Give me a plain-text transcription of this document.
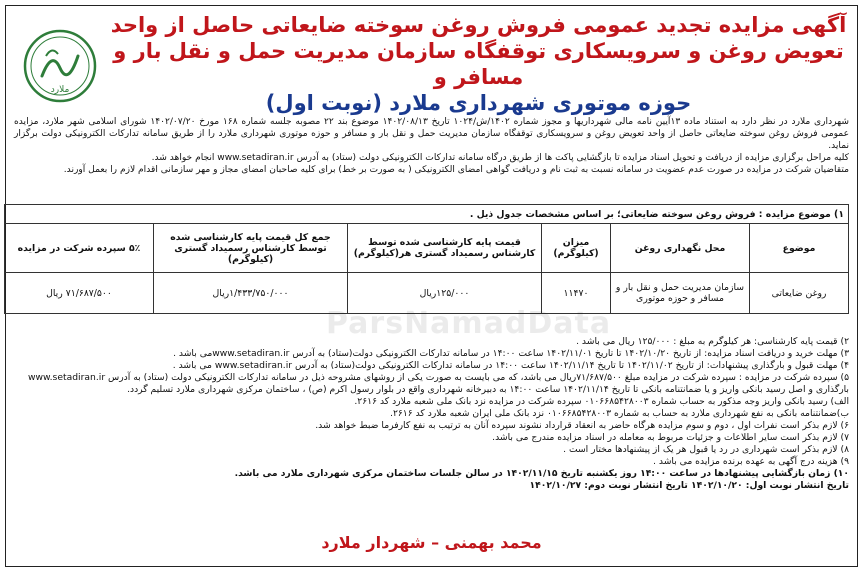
ملارد
آگهی مزایده تجدید عمومی فروش روغن سوخته ضایعاتی حاصل از واحد
تعویض روغن و سرویسکاری توقفگاه سازمان مدیریت حمل و نقل بار و مسافر و
حوزه موتوری شهرداری ملارد (نوبت اول)

شهرداری ملارد در نظر دارد به استناد ماده ۱۳آیین نامه مالی شهرداریها و مجوز شماره ۱۴۰۲/ش/۱۰۲۴ تاریخ ۱۴۰۲/۰۸/۱۳ موضوع بند ۲۲ مصوبه جلسه شماره ۱۶۸ مورخ ۱۴۰۲/۰۷/۲۰ شورای اسلامی شهر ملارد، مزایده عمومی فروش روغن سوخته ضایعاتی حاصل از واحد تعویض روغن و سرویسکاری توقفگاه سازمان مدیریت حمل و نقل بار و مسافر و حوزه موتوری شهرداری ملارد را از طریق سامانه تدارکات الکترونیکی دولت برگزار نماید.

کلیه مراحل برگزاری مزایده از دریافت و تحویل اسناد مزایده تا بازگشایی پاکت ها از طریق درگاه سامانه تدارکات الکترونیکی دولت (ستاد) به آدرس www.setadiran.ir انجام خواهد شد.

متقاضیان شرکت در مزایده در صورت عدم عضویت در سامانه نسبت به ثبت نام و دریافت گواهی امضای الکترونیکی ( به صورت بر خط) برای کلیه صاحبان امضای مجاز و مهر سازمانی اقدام لازم را بعمل آورند.

۱) موضوع مزایده : فروش روغن سوخته ضایعاتی؛ بر اساس مشخصات جدول ذیل .					
موضوع	محل نگهداری روغن	میزان (کیلوگرم)	قیمت پایه کارشناسی شده توسط کارشناس رسمیداد گستری هر(کیلوگرم)	جمع کل قیمت پایه کارشناسی شده توسط کارشناس رسمیداد گستری (کیلوگرم)	۵٪ سپرده شرکت در مزایده
روغن ضایعاتی	سازمان مدیریت حمل و نقل بار و مسافر و حوزه موتوری	۱۱۴۷۰	۱۲۵/۰۰۰ریال	۱/۴۳۳/۷۵۰/۰۰۰ریال	۷۱/۶۸۷/۵۰۰ ریال
ParsNamadData

۲) قیمت پایه کارشناسی: هر کیلوگرم به مبلغ : ۱۲۵/۰۰۰ ریال می باشد .

۳) مهلت خرید و دریافت اسناد مزایده: از تاریخ ۱۴۰۲/۱۰/۲۰ تا تاریخ ۱۴۰۲/۱۱/۰۱ ساعت ۱۴:۰۰ در سامانه تدارکات الکترونیکی دولت(ستاد) به آدرس www.setadiran.irمی باشد .

۴) مهلت قبول و بارگذاری پیشنهادات: از تاریخ ۱۴۰۲/۱۱/۰۲ تا تاریخ ۱۴۰۲/۱۱/۱۴ ساعت ۱۴:۰۰ در سامانه تدارکات الکترونیکی دولت(ستاد) به آدرس www.setadiran.ir می باشد .

۵) سپرده شرکت در مزایده : سپرده شرکت در مزایده مبلغ ۷۱/۶۸۷/۵۰۰ریال می باشد، که می بایست به صورت یکی از روشهای مشروحه ذیل در سامانه تدارکات الکترونیکی دولت (ستاد) به آدرس www.setadiran.ir بارگذاری و اصل رسید بانکی واریز و یا ضمانتنامه بانکی تا تاریخ ۱۴۰۲/۱۱/۱۴ ساعت ۱۴:۰۰ به دبیرخانه شهرداری واقع در بلوار رسول اکرم (ص) ، ساختمان مرکزی شهرداری ملارد تسلیم گردد.

الف) رسید بانکی واریز وجه مذکور به حساب شماره ۰۱۰۶۶۸۵۴۲۸۰۰۳ سپرده شرکت در مزایده نزد بانک ملی شعبه ملارد کد ۲۶۱۶.

ب)ضمانتنامه بانکی به نفع شهرداری ملارد به حساب به شماره ۰۱۰۶۶۸۵۴۲۸۰۰۳ نزد بانک ملی ایران شعبه ملارد کد ۲۶۱۶.

۶) لازم بذکر است نفرات اول ، دوم و سوم مزایده هرگاه حاضر به انعقاد قرارداد نشوند سپرده آنان به ترتیب به نفع کارفرما ضبط خواهد شد.

۷) لازم بذکر است سایر اطلاعات و جزئیات مربوط به معامله در اسناد مزایده مندرج می باشد.

۸) لازم بذکر است شهرداری در رد یا قبول هر یک از پیشنهادها مختار است .

۹) هزینه درج آگهی به عهده برنده مزایده می باشد .

۱۰) زمان بازگشایی پیشنهادها در ساعت ۱۴:۰۰ روز یکشنبه تاریخ ۱۴۰۲/۱۱/۱۵ در سالن جلسات ساختمان مرکزی شهرداری ملارد می باشد.

تاریخ انتشار نوبت اول: ۱۴۰۲/۱۰/۲۰ تاریخ انتشار نوبت دوم: ۱۴۰۲/۱۰/۲۷

محمد بهمنی – شهردار ملارد
